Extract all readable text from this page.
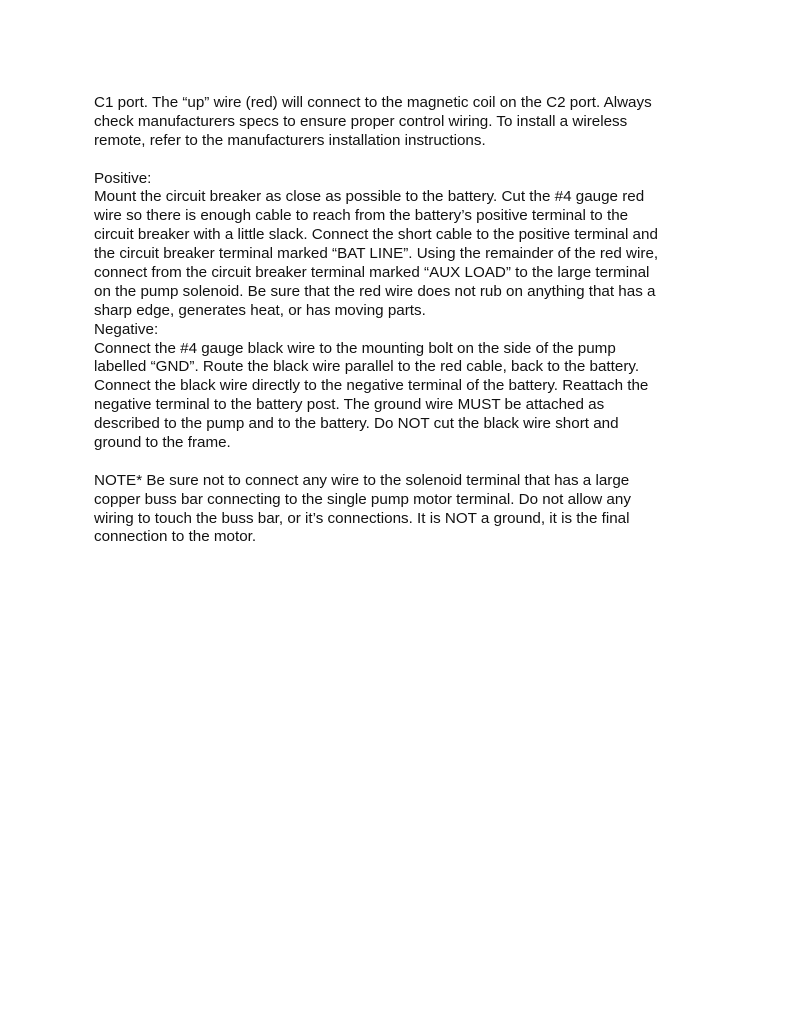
C1 port. The “up” wire (red) will connect to the magnetic coil on the C2 port. Always
check manufacturers specs to ensure proper control wiring. To install a wireless
remote, refer to the manufacturers installation instructions.
Positive:
Mount the circuit breaker as close as possible to the battery. Cut the #4 gauge red
wire so there is enough cable to reach from the battery’s positive terminal to the
circuit breaker with a little slack. Connect the short cable to the positive terminal and
the circuit breaker terminal marked “BAT LINE”. Using the remainder of the red wire,
connect from the circuit breaker terminal marked “AUX LOAD” to the large terminal
on the pump solenoid. Be sure that the red wire does not rub on anything that has a
sharp edge, generates heat, or has moving parts.
Negative:
Connect the #4 gauge black wire to the mounting bolt on the side of the pump
labelled “GND”. Route the black wire parallel to the red cable, back to the battery.
Connect the black wire directly to the negative terminal of the battery. Reattach the
negative terminal to the battery post. The ground wire MUST be attached as
described to the pump and to the battery. Do NOT cut the black wire short and
ground to the frame.
NOTE* Be sure not to connect any wire to the solenoid terminal that has a large
copper buss bar connecting to the single pump motor terminal. Do not allow any
wiring to touch the buss bar, or it’s connections. It is NOT a ground, it is the final
connection to the motor.
